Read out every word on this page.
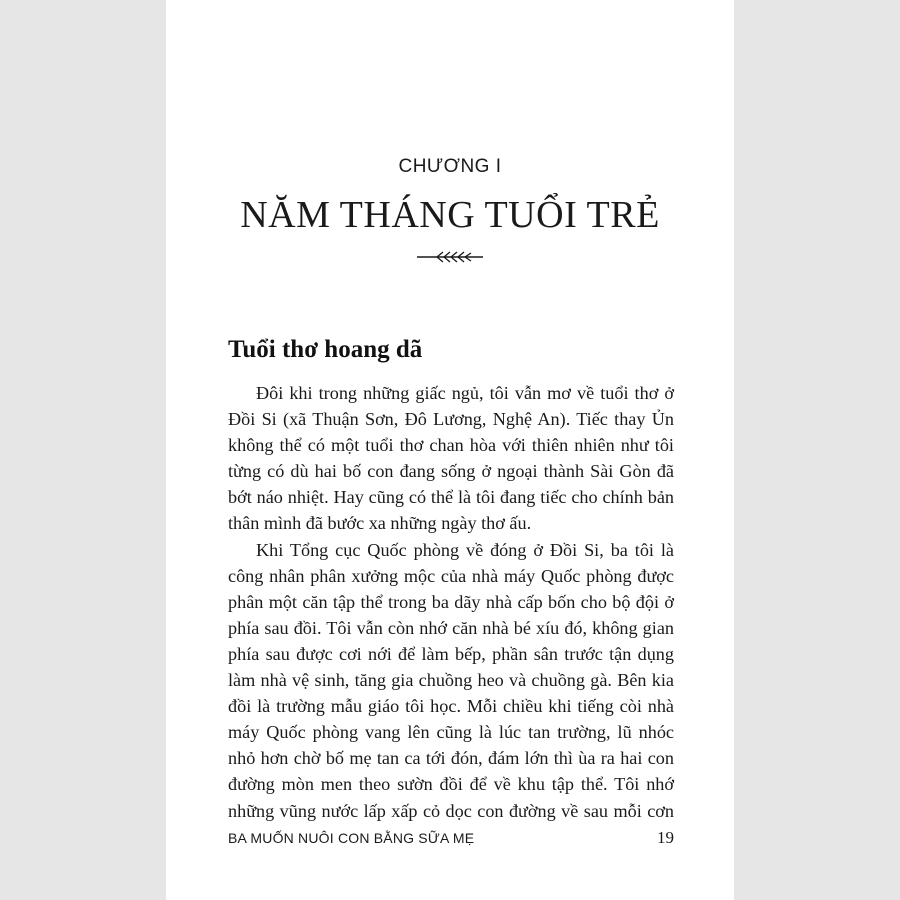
CHƯƠNG I
NĂM THÁNG TUỔI TRẺ
Tuổi thơ hoang dã
Đôi khi trong những giấc ngủ, tôi vẫn mơ về tuổi thơ ở
Đồi Si (xã Thuận Sơn, Đô Lương, Nghệ An). Tiếc thay Ủn
không thể có một tuổi thơ chan hòa với thiên nhiên như tôi
từng có dù hai bố con đang sống ở ngoại thành Sài Gòn đã
bớt náo nhiệt. Hay cũng có thể là tôi đang tiếc cho chính bản
thân mình đã bước xa những ngày thơ ấu.
Khi Tổng cục Quốc phòng về đóng ở Đồi Si, ba tôi là
công nhân phân xưởng mộc của nhà máy Quốc phòng được
phân một căn tập thể trong ba dãy nhà cấp bốn cho bộ đội ở
phía sau đồi. Tôi vẫn còn nhớ căn nhà bé xíu đó, không gian
phía sau được cơi nới để làm bếp, phần sân trước tận dụng
làm nhà vệ sinh, tăng gia chuồng heo và chuồng gà. Bên kia
đồi là trường mẫu giáo tôi học. Mỗi chiều khi tiếng còi nhà
máy Quốc phòng vang lên cũng là lúc tan trường, lũ nhóc
nhỏ hơn chờ bố mẹ tan ca tới đón, đám lớn thì ùa ra hai con
đường mòn men theo sườn đồi để về khu tập thể. Tôi nhớ
những vũng nước lấp xấp cỏ dọc con đường về sau mỗi cơn
BA MUỐN NUÔI CON BẰNG SỮA MẸ	19
